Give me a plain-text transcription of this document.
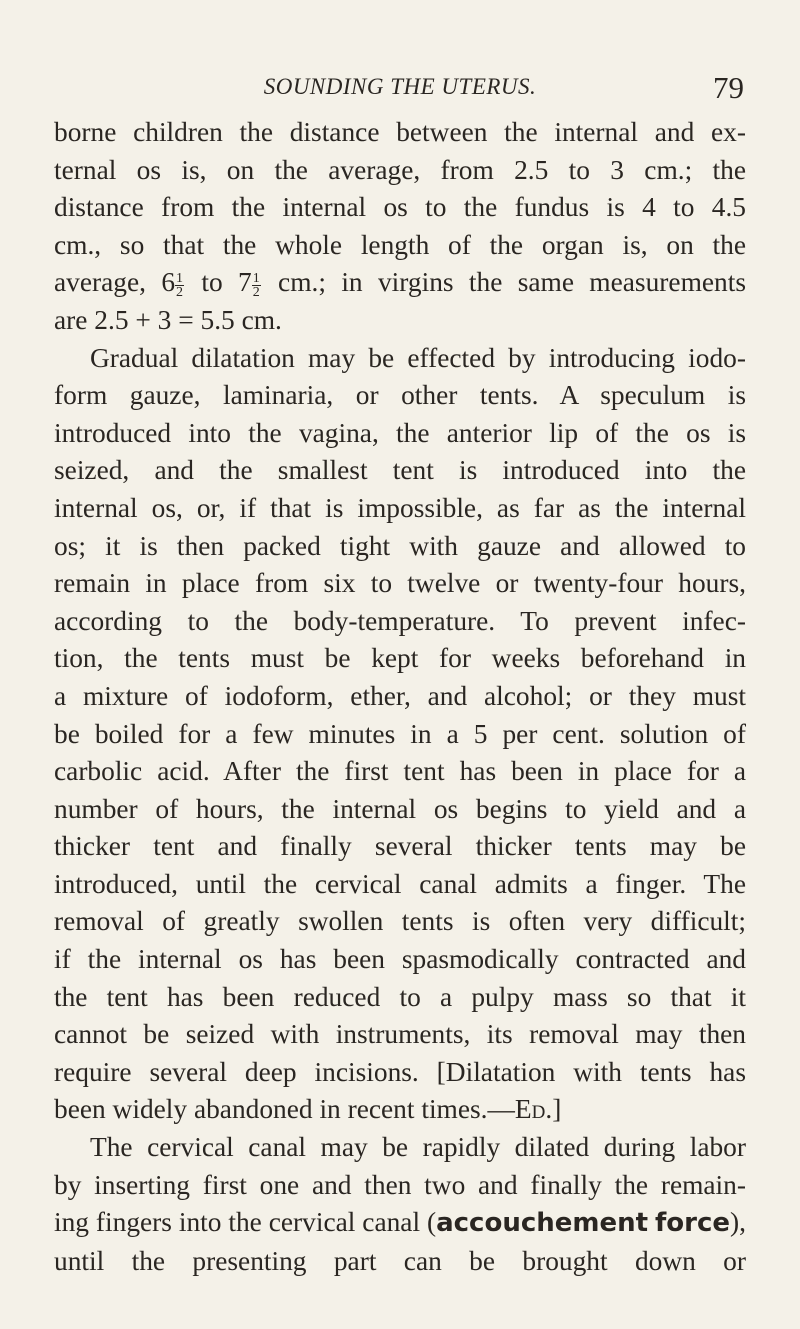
SOUNDING THE UTERUS.	79

borne children the distance between the internal and ex-
ternal os is, on the average, from 2.5 to 3 cm.; the
distance from the internal os to the fundus is 4 to 4.5
cm., so that the whole length of the organ is, on the
average, $6 \frac{1}{2}$ to $7 \frac{1}{2}$ cm.; in virgins the same measurements
are 2.5 + 3 = 5.5 cm.

Gradual dilatation may be effected by introducing iodo-
form gauze, laminaria, or other tents. A speculum is
introduced into the vagina, the anterior lip of the os is
seized, and the smallest tent is introduced into the
internal os, or, if that is impossible, as far as the internal
os; it is then packed tight with gauze and allowed to
remain in place from six to twelve or twenty-four hours,
according to the body-temperature. To prevent infec-
tion, the tents must be kept for weeks beforehand in
a mixture of iodoform, ether, and alcohol; or they must
be boiled for a few minutes in a 5 per cent. solution of
carbolic acid. After the first tent has been in place for a
number of hours, the internal os begins to yield and a
thicker tent and finally several thicker tents may be
introduced, until the cervical canal admits a finger. The
removal of greatly swollen tents is often very difficult;
if the internal os has been spasmodically contracted and
the tent has been reduced to a pulpy mass so that it
cannot be seized with instruments, its removal may then
require several deep incisions. [Dilatation with tents has
been widely abandoned in recent times.—Ed.]

The cervical canal may be rapidly dilated during labor
by inserting first one and then two and finally the remain-
ing fingers into the cervical canal (accouchement force),
until the presenting part can be brought down or
